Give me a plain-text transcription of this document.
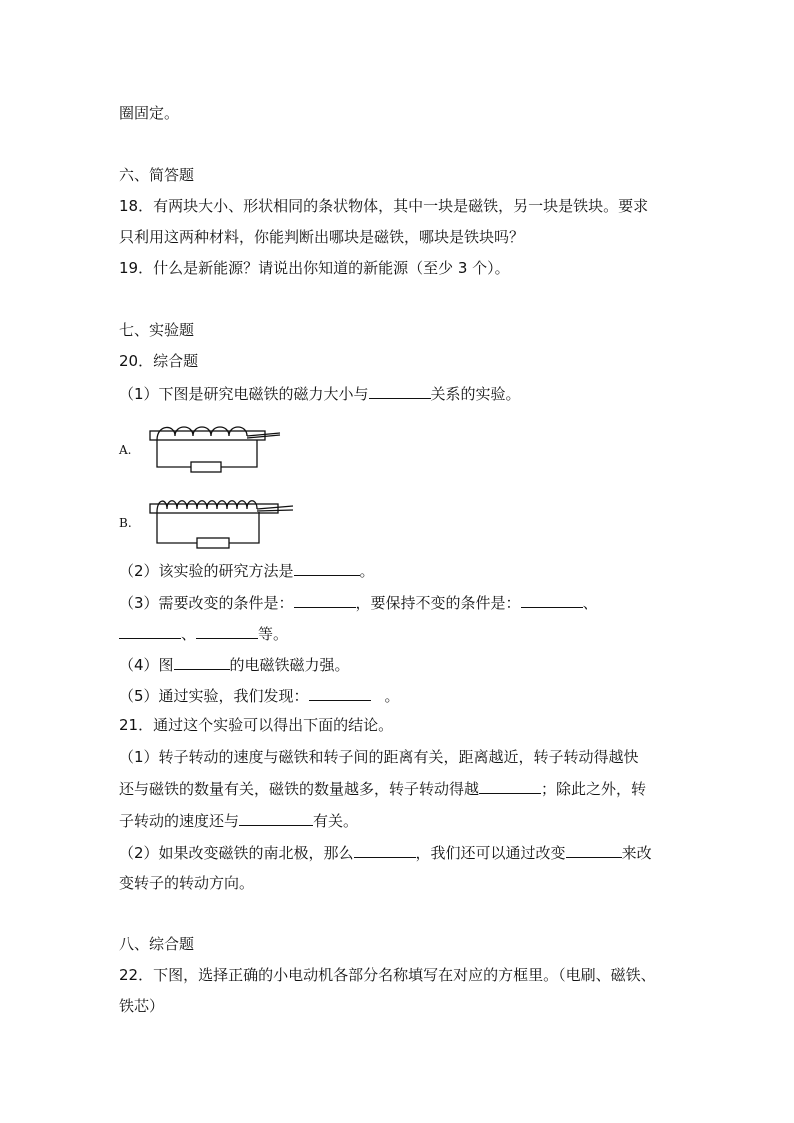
圈固定。
六、简答题
18．有两块大小、形状相同的条状物体，其中一块是磁铁，另一块是铁块。要求
只利用这两种材料，你能判断出哪块是磁铁，哪块是铁块吗？
19．什么是新能源？请说出你知道的新能源（至少 3 个）。
七、实验题
20．综合题
（1）下图是研究电磁铁的磁力大小与	关系的实验。
A.
B.
（2）该实验的研究方法是	。
（3）需要改变的条件是：	，要保持不变的条件是：	、
、	等。
（4）图	的电磁铁磁力强。
（5）通过实验，我们发现：	。
21．通过这个实验可以得出下面的结论。
（1）转子转动的速度与磁铁和转子间的距离有关，距离越近，转子转动得越快
还与磁铁的数量有关，磁铁的数量越多，转子转动得越	；除此之外，转
子转动的速度还与	有关。
（2）如果改变磁铁的南北极，那么	，我们还可以通过改变	来改
变转子的转动方向。
八、综合题
22．下图，选择正确的小电动机各部分名称填写在对应的方框里。（电刷、磁铁、
铁芯）
